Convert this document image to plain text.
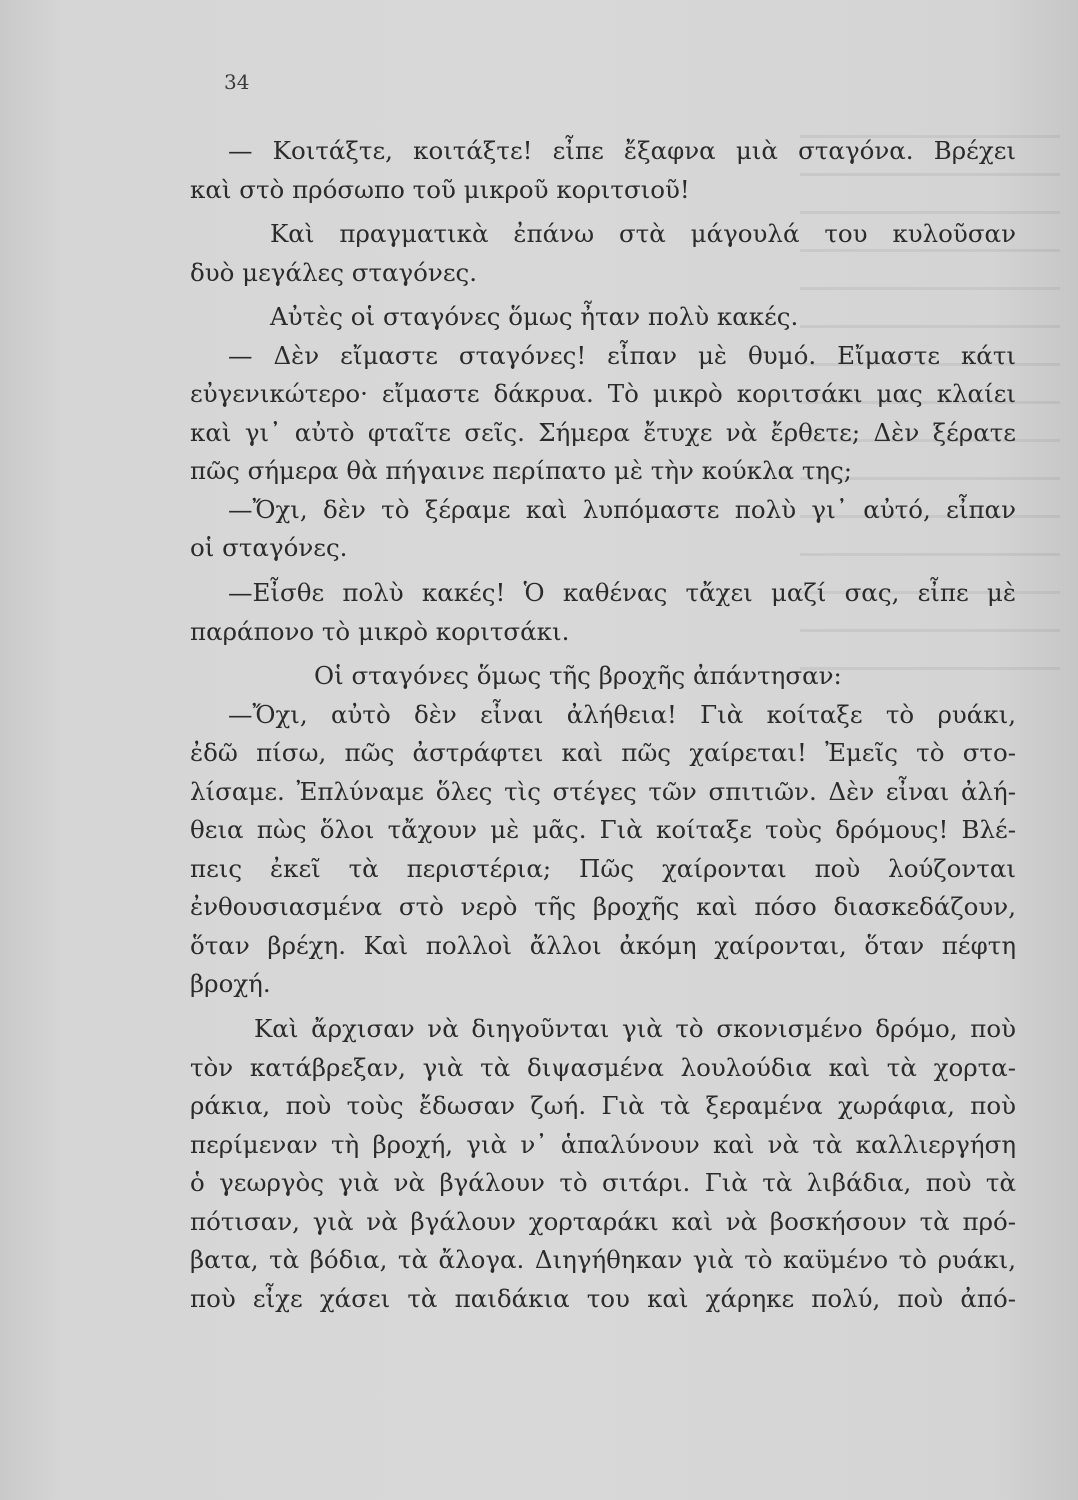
34

— Κοιτάξτε, κοιτάξτε! εἶπε ἔξαφνα μιὰ σταγόνα. Βρέχει

καὶ στὸ πρόσωπο τοῦ μικροῦ κοριτσιοῦ!

Καὶ πραγματικὰ ἐπάνω στὰ μάγουλά του κυλοῦσαν

δυὸ μεγάλες σταγόνες.

Αὐτὲς οἱ σταγόνες ὅμως ἦταν πολὺ κακές.

— Δὲν εἴμαστε σταγόνες! εἶπαν μὲ θυμό. Εἴμαστε κάτι

εὐγενικώτερο· εἴμαστε δάκρυα. Τὸ μικρὸ κοριτσάκι μας κλαίει

καὶ γι᾽ αὐτὸ φταῖτε σεῖς. Σήμερα ἔτυχε νὰ ἔρθετε; Δὲν ξέρατε

πῶς σήμερα θὰ πήγαινε περίπατο μὲ τὴν κούκλα της;

—Ὄχι, δὲν τὸ ξέραμε καὶ λυπόμαστε πολὺ γι᾽ αὐτό, εἶπαν

οἱ σταγόνες.

—Εἶσθε πολὺ κακές! Ὁ καθένας τἄχει μαζί σας, εἶπε μὲ

παράπονο τὸ μικρὸ κοριτσάκι.

Οἱ σταγόνες ὅμως τῆς βροχῆς ἀπάντησαν:

—Ὄχι, αὐτὸ δὲν εἶναι ἀλήθεια! Γιὰ κοίταξε τὸ ρυάκι,

ἐδῶ πίσω, πῶς ἀστράφτει καὶ πῶς χαίρεται! Ἐμεῖς τὸ στο-

λίσαμε. Ἐπλύναμε ὅλες τὶς στέγες τῶν σπιτιῶν. Δὲν εἶναι ἀλή-

θεια πὼς ὅλοι τἄχουν μὲ μᾶς. Γιὰ κοίταξε τοὺς δρόμους! Βλέ-

πεις ἐκεῖ τὰ περιστέρια; Πῶς χαίρονται ποὺ λούζονται

ἐνθουσιασμένα στὸ νερὸ τῆς βροχῆς καὶ πόσο διασκεδάζουν,

ὅταν βρέχη. Καὶ πολλοὶ ἄλλοι ἀκόμη χαίρονται, ὅταν πέφτη

βροχή.

Καὶ ἄρχισαν νὰ διηγοῦνται γιὰ τὸ σκονισμένο δρόμο, ποὺ

τὸν κατάβρεξαν, γιὰ τὰ διψασμένα λουλούδια καὶ τὰ χορτα-

ράκια, ποὺ τοὺς ἔδωσαν ζωή. Γιὰ τὰ ξεραμένα χωράφια, ποὺ

περίμεναν τὴ βροχή, γιὰ ν᾽ ἁπαλύνουν καὶ νὰ τὰ καλλιεργήση

ὁ γεωργὸς γιὰ νὰ βγάλουν τὸ σιτάρι. Γιὰ τὰ λιβάδια, ποὺ τὰ

πότισαν, γιὰ νὰ βγάλουν χορταράκι καὶ νὰ βοσκήσουν τὰ πρό-

βατα, τὰ βόδια, τὰ ἄλογα. Διηγήθηκαν γιὰ τὸ καϋμένο τὸ ρυάκι,

ποὺ εἶχε χάσει τὰ παιδάκια του καὶ χάρηκε πολύ, ποὺ ἀπό-
